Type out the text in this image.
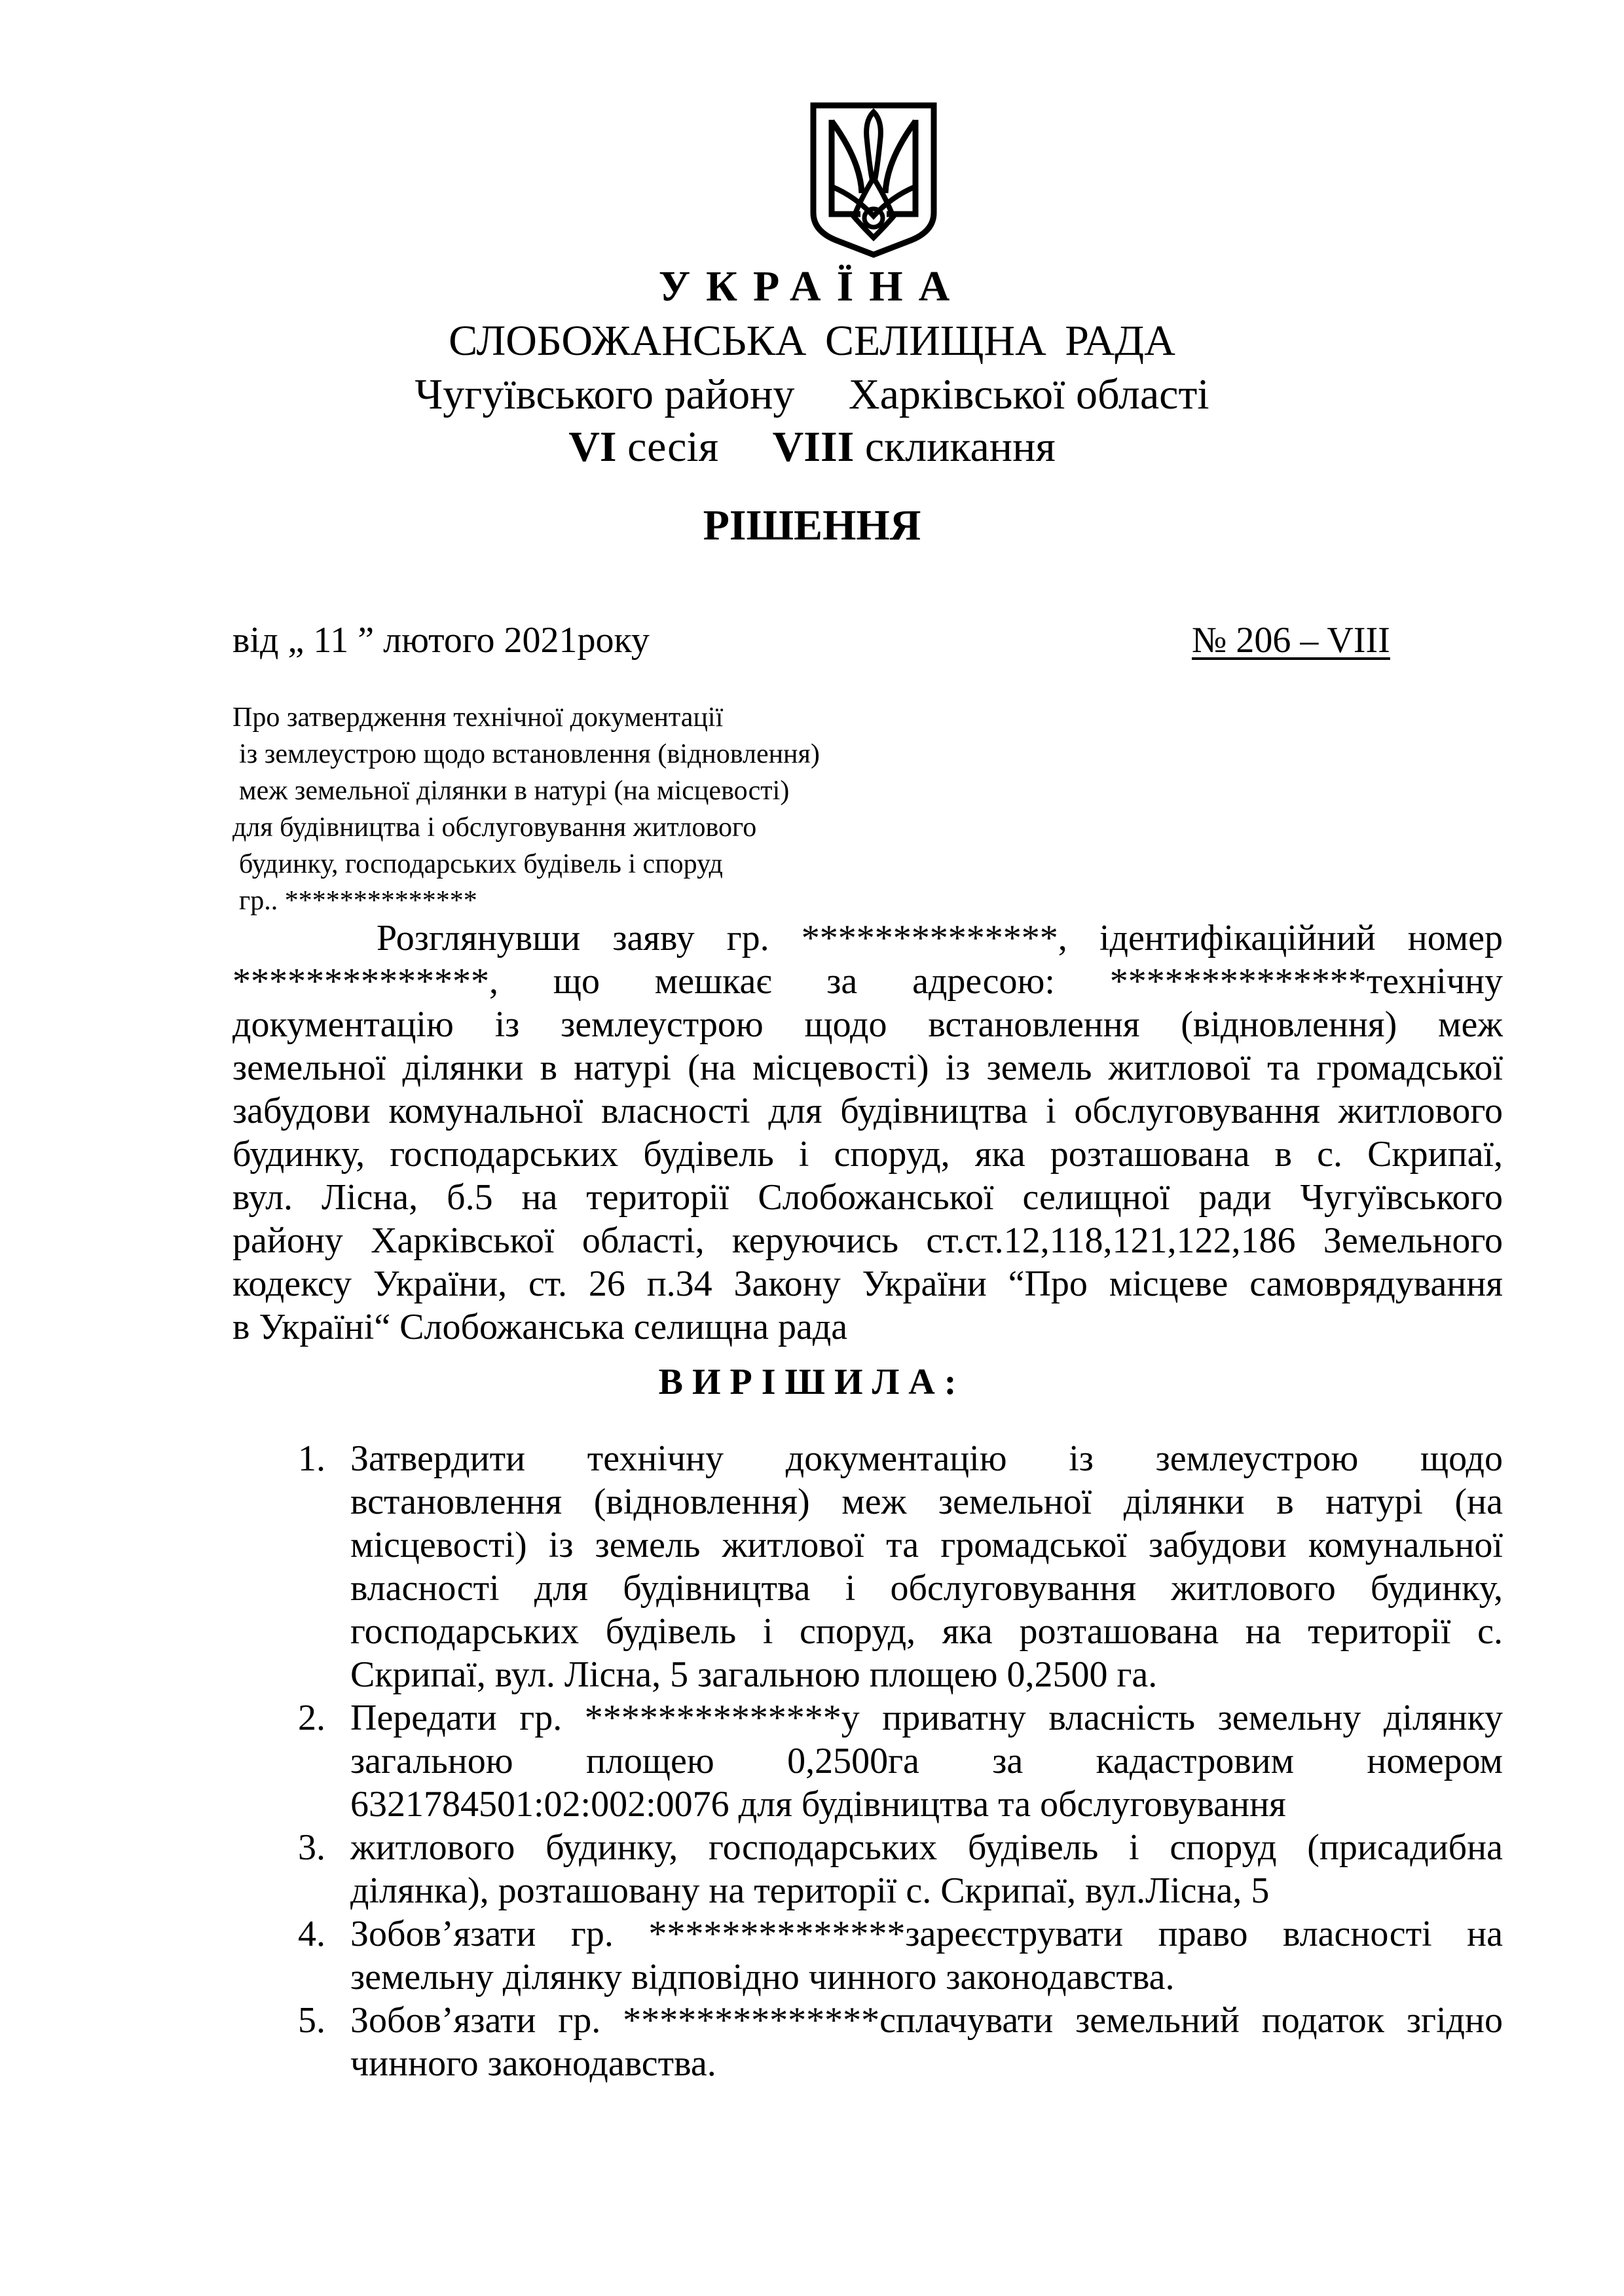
УКРАЇНА
СЛОБОЖАНСЬКА СЕЛИЩНА РАДА
Чугуївського району Харківської області
VI сесія VIII скликання
РІШЕННЯ
від „ 11 ” лютого 2021року	№ 206 – VIII
Про затвердження технічної документації
із землеустрою щодо встановлення (відновлення)
меж земельної ділянки в натурі (на місцевості)
для будівництва і обслуговування житлового
будинку, господарських будівель і споруд
гр.. **************
Розглянувши заяву гр. **************, ідентифікаційний номер
**************, що мешкає за адресою: **************технічну
документацію із землеустрою щодо встановлення (відновлення) меж
земельної ділянки в натурі (на місцевості) із земель житлової та громадської
забудови комунальної власності для будівництва і обслуговування житлового
будинку, господарських будівель і споруд, яка розташована в с. Скрипаї,
вул. Лісна, б.5 на території Слобожанської селищної ради Чугуївського
району Харківської області, керуючись ст.ст.12,118,121,122,186 Земельного
кодексу України, ст. 26 п.34 Закону України “Про місцеве самоврядування
в Україні“ Слобожанська селищна рада
ВИРІШИЛА:
1. Затвердити технічну документацію із землеустрою щодо
встановлення (відновлення) меж земельної ділянки в натурі (на
місцевості) із земель житлової та громадської забудови комунальної
власності для будівництва і обслуговування житлового будинку,
господарських будівель і споруд, яка розташована на території с.
Скрипаї, вул. Лісна, 5 загальною площею 0,2500 га.
2. Передати гр. **************у приватну власність земельну ділянку
загальною площею 0,2500га за кадастровим номером
6321784501:02:002:0076 для будівництва та обслуговування
3. житлового будинку, господарських будівель і споруд (присадибна
ділянка), розташовану на території с. Скрипаї, вул.Лісна, 5
4. Зобов’язати гр. **************зареєструвати право власності на
земельну ділянку відповідно чинного законодавства.
5. Зобов’язати гр. **************сплачувати земельний податок згідно
чинного законодавства.
